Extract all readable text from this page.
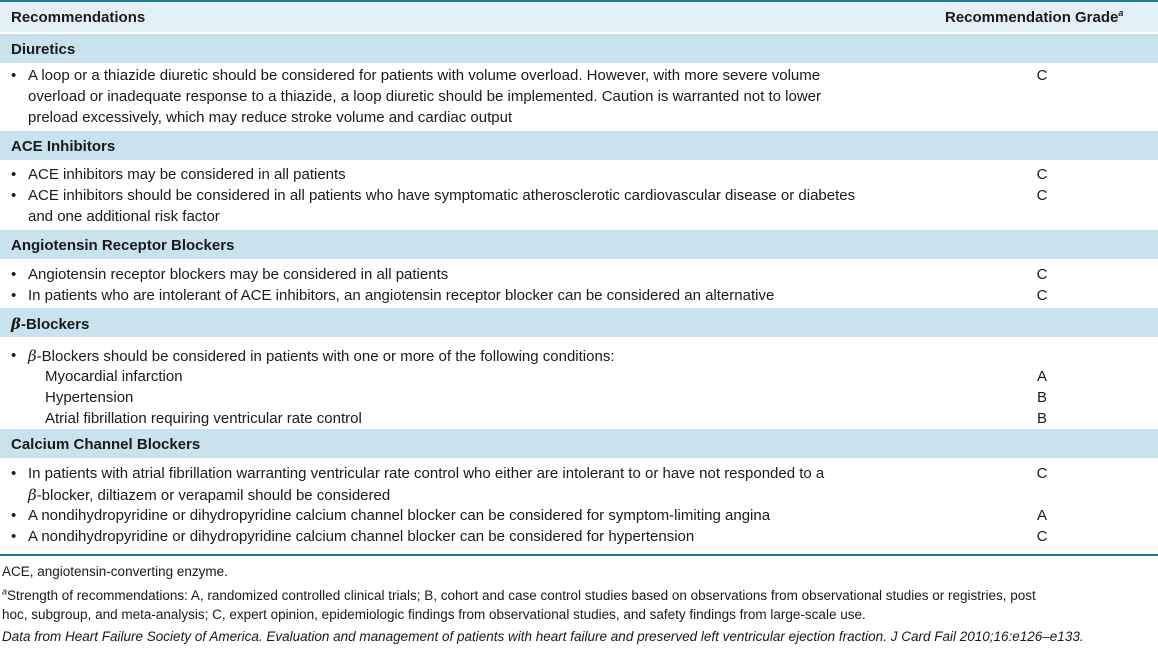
Recommendations	Recommendation Grade$^a$
Diuretics
• A loop or a thiazide diuretic should be considered for patients with volume overload. However, with more severe volume
overload or inadequate response to a thiazide, a loop diuretic should be implemented. Caution is warranted not to lower
preload excessively, which may reduce stroke volume and cardiac output
C
ACE Inhibitors
• ACE inhibitors may be considered in all patients	C
• ACE inhibitors should be considered in all patients who have symptomatic atherosclerotic cardiovascular disease or diabetes
and one additional risk factor
C
Angiotensin Receptor Blockers
• Angiotensin receptor blockers may be considered in all patients	C
• In patients who are intolerant of ACE inhibitors, an angiotensin receptor blocker can be considered an alternative	C
β-Blockers
• β-Blockers should be considered in patients with one or more of the following conditions:
Myocardial infarction	A
Hypertension	B
Atrial fibrillation requiring ventricular rate control	B
Calcium Channel Blockers
• In patients with atrial fibrillation warranting ventricular rate control who either are intolerant to or have not responded to a
β-blocker, diltiazem or verapamil should be considered
C
• A nondihydropyridine or dihydropyridine calcium channel blocker can be considered for symptom-limiting angina	A
• A nondihydropyridine or dihydropyridine calcium channel blocker can be considered for hypertension	C
ACE, angiotensin-converting enzyme.
$^a$Strength of recommendations: A, randomized controlled clinical trials; B, cohort and case control studies based on observations from observational studies or registries, post
hoc, subgroup, and meta-analysis; C, expert opinion, epidemiologic findings from observational studies, and safety findings from large-scale use.
Data from Heart Failure Society of America. Evaluation and management of patients with heart failure and preserved left ventricular ejection fraction. J Card Fail 2010;16:e126–e133.
